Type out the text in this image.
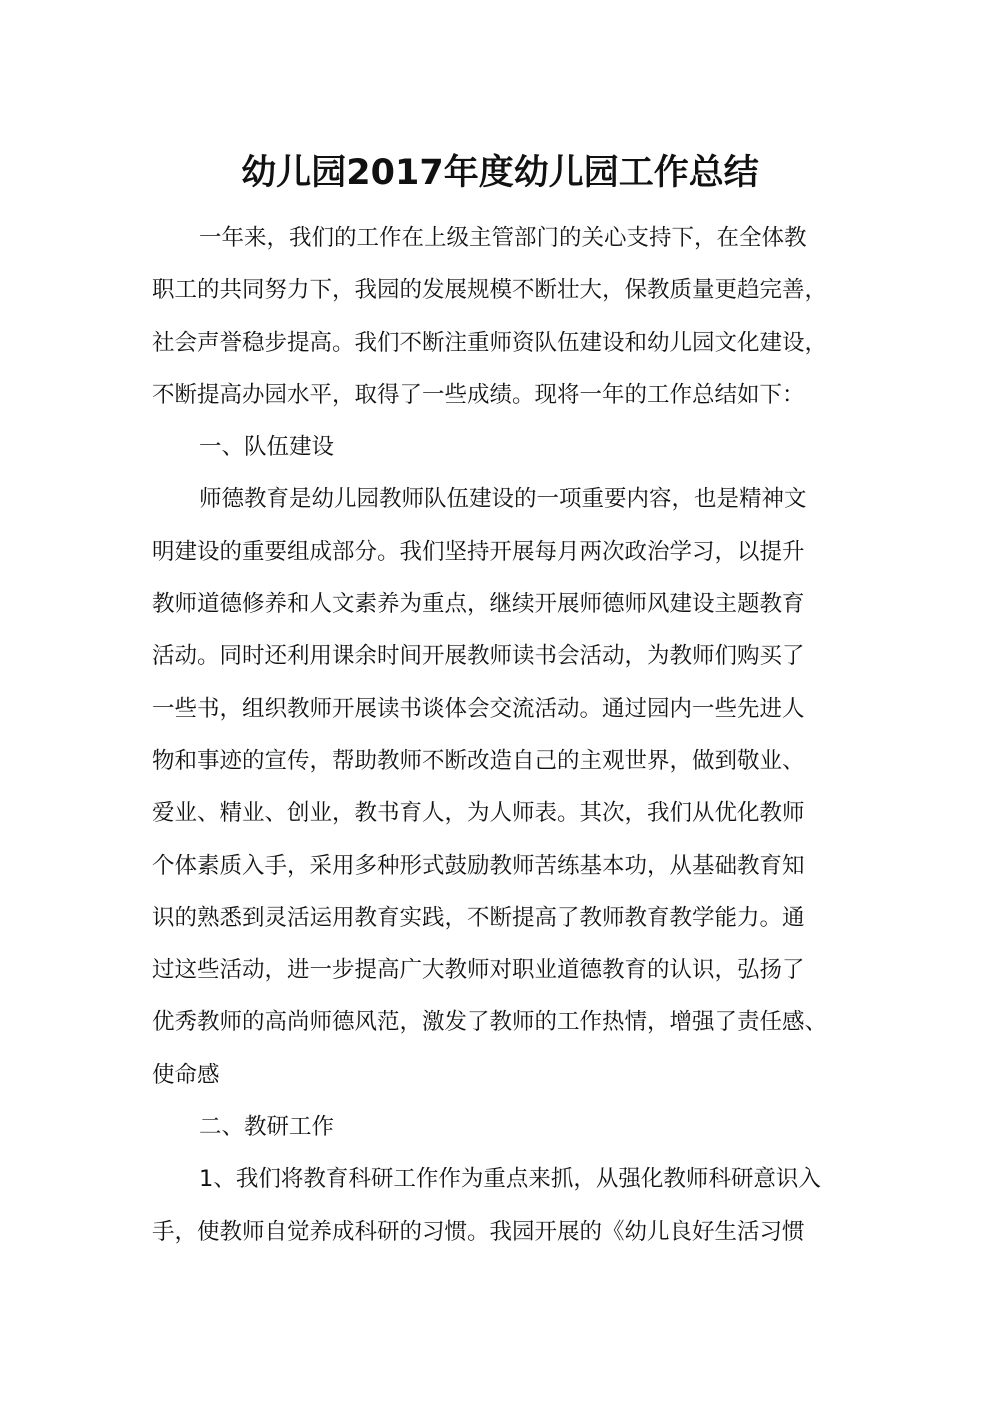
幼儿园2017年度幼儿园工作总结
一年来，我们的工作在上级主管部门的关心支持下，在全体教
职工的共同努力下，我园的发展规模不断壮大，保教质量更趋完善，
社会声誉稳步提高。我们不断注重师资队伍建设和幼儿园文化建设，
不断提高办园水平，取得了一些成绩。现将一年的工作总结如下：
一、队伍建设
师德教育是幼儿园教师队伍建设的一项重要内容，也是精神文
明建设的重要组成部分。我们坚持开展每月两次政治学习，以提升
教师道德修养和人文素养为重点，继续开展师德师风建设主题教育
活动。同时还利用课余时间开展教师读书会活动，为教师们购买了
一些书，组织教师开展读书谈体会交流活动。通过园内一些先进人
物和事迹的宣传，帮助教师不断改造自己的主观世界，做到敬业、
爱业、精业、创业，教书育人，为人师表。其次，我们从优化教师
个体素质入手，采用多种形式鼓励教师苦练基本功，从基础教育知
识的熟悉到灵活运用教育实践，不断提高了教师教育教学能力。通
过这些活动，进一步提高广大教师对职业道德教育的认识，弘扬了
优秀教师的高尚师德风范，激发了教师的工作热情，增强了责任感、
使命感
二、教研工作
1、我们将教育科研工作作为重点来抓，从强化教师科研意识入
手，使教师自觉养成科研的习惯。我园开展的《幼儿良好生活习惯
